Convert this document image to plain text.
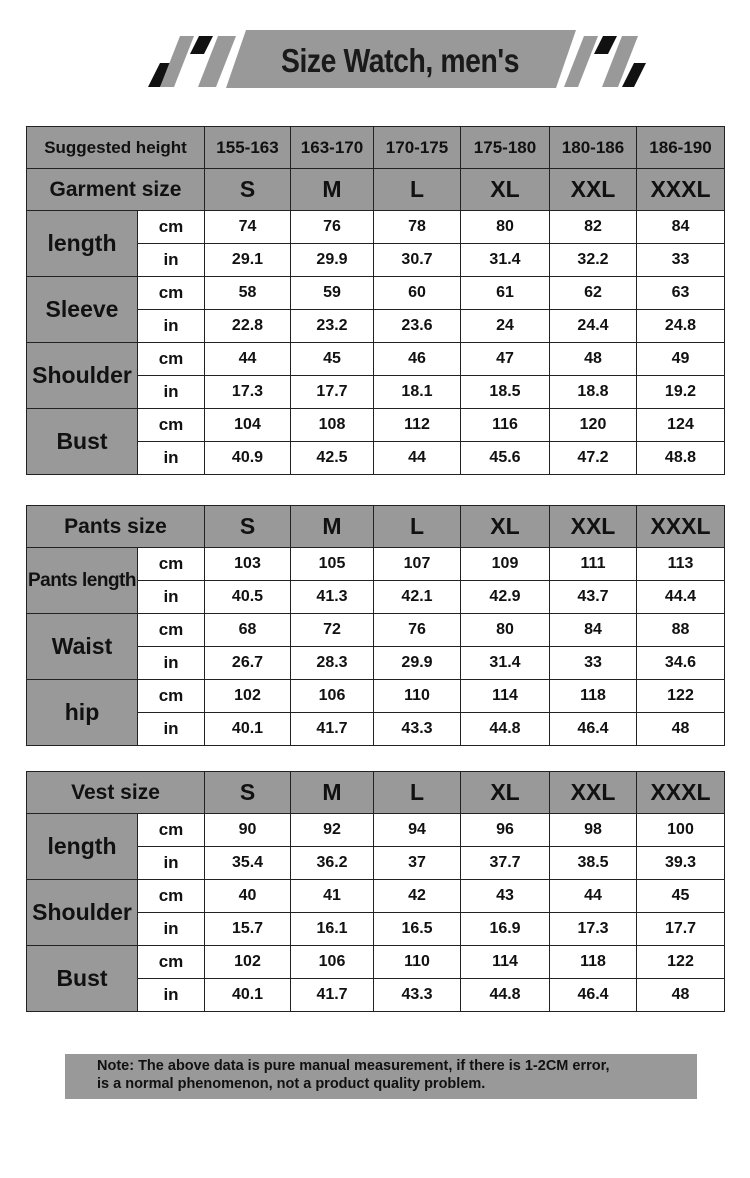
Size Watch, men's
Suggested height		155-163	163-170	170-175	175-180	180-186	186-190
Garment size		S	M	L	XL	XXL	XXXL
length	cm	74	76	78	80	82	84
	in	29.1	29.9	30.7	31.4	32.2	33
Sleeve	cm	58	59	60	61	62	63
	in	22.8	23.2	23.6	24	24.4	24.8
Shoulder	cm	44	45	46	47	48	49
	in	17.3	17.7	18.1	18.5	18.8	19.2
Bust	cm	104	108	112	116	120	124
	in	40.9	42.5	44	45.6	47.2	48.8
Pants size		S	M	L	XL	XXL	XXXL
Pants length	cm	103	105	107	109	111	113
	in	40.5	41.3	42.1	42.9	43.7	44.4
Waist	cm	68	72	76	80	84	88
	in	26.7	28.3	29.9	31.4	33	34.6
hip	cm	102	106	110	114	118	122
	in	40.1	41.7	43.3	44.8	46.4	48
Vest size		S	M	L	XL	XXL	XXXL
length	cm	90	92	94	96	98	100
	in	35.4	36.2	37	37.7	38.5	39.3
Shoulder	cm	40	41	42	43	44	45
	in	15.7	16.1	16.5	16.9	17.3	17.7
Bust	cm	102	106	110	114	118	122
	in	40.1	41.7	43.3	44.8	46.4	48
Note: The above data is pure manual measurement, if there is 1-2CM error,
is a normal phenomenon, not a product quality problem.
